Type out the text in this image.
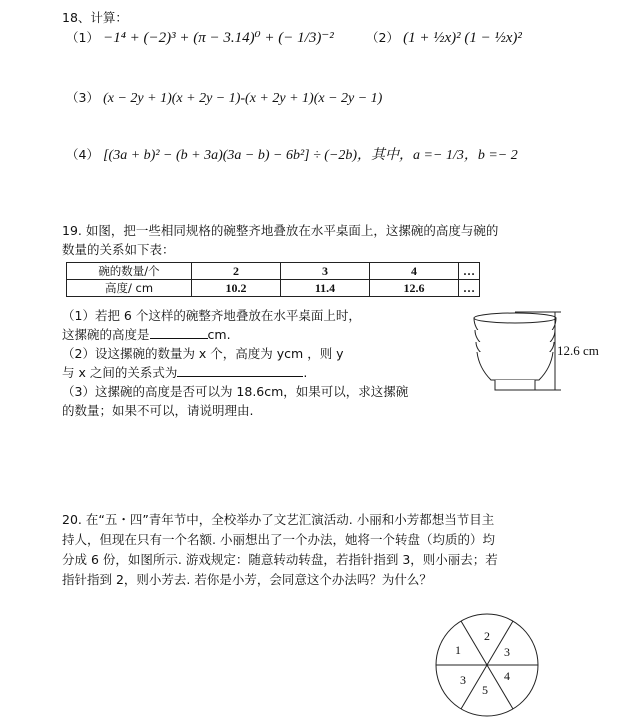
18、计算：
（1） −1⁴ + (−2)³ + (π − 3.14)⁰ + (− 1/3)⁻²	（2） (1 + ½x)² (1 − ½x)²
（3） (x − 2y + 1)(x + 2y − 1)-(x + 2y + 1)(x − 2y − 1)
（4） [(3a + b)² − (b + 3a)(3a − b) − 6b²] ÷ (−2b)，其中，a =− 1/3，b =− 2
19. 如图，把一些相同规格的碗整齐地叠放在水平桌面上，这摞碗的高度与碗的
数量的关系如下表：
碗的数量/个	2	3	4	…
高度/ cm	10.2	11.4	12.6	…
（1）若把 6 个这样的碗整齐地叠放在水平桌面上时，
这摞碗的高度是	cm.
（2）设这摞碗的数量为 x 个，高度为 ycm ，则 y
与 x 之间的关系式为	.
（3）这摞碗的高度是否可以为 18.6cm，如果可以，求这摞碗
的数量；如果不可以，请说明理由.
12.6 cm
20. 在“五・四”青年节中，全校举办了文艺汇演活动. 小丽和小芳都想当节目主
持人，但现在只有一个名额. 小丽想出了一个办法，她将一个转盘（均质的）均
分成 6 份，如图所示. 游戏规定：随意转动转盘，若指针指到 3，则小丽去；若
指针指到 2，则小芳去. 若你是小芳，会同意这个办法吗？为什么？
1
2
3
3	4
5
